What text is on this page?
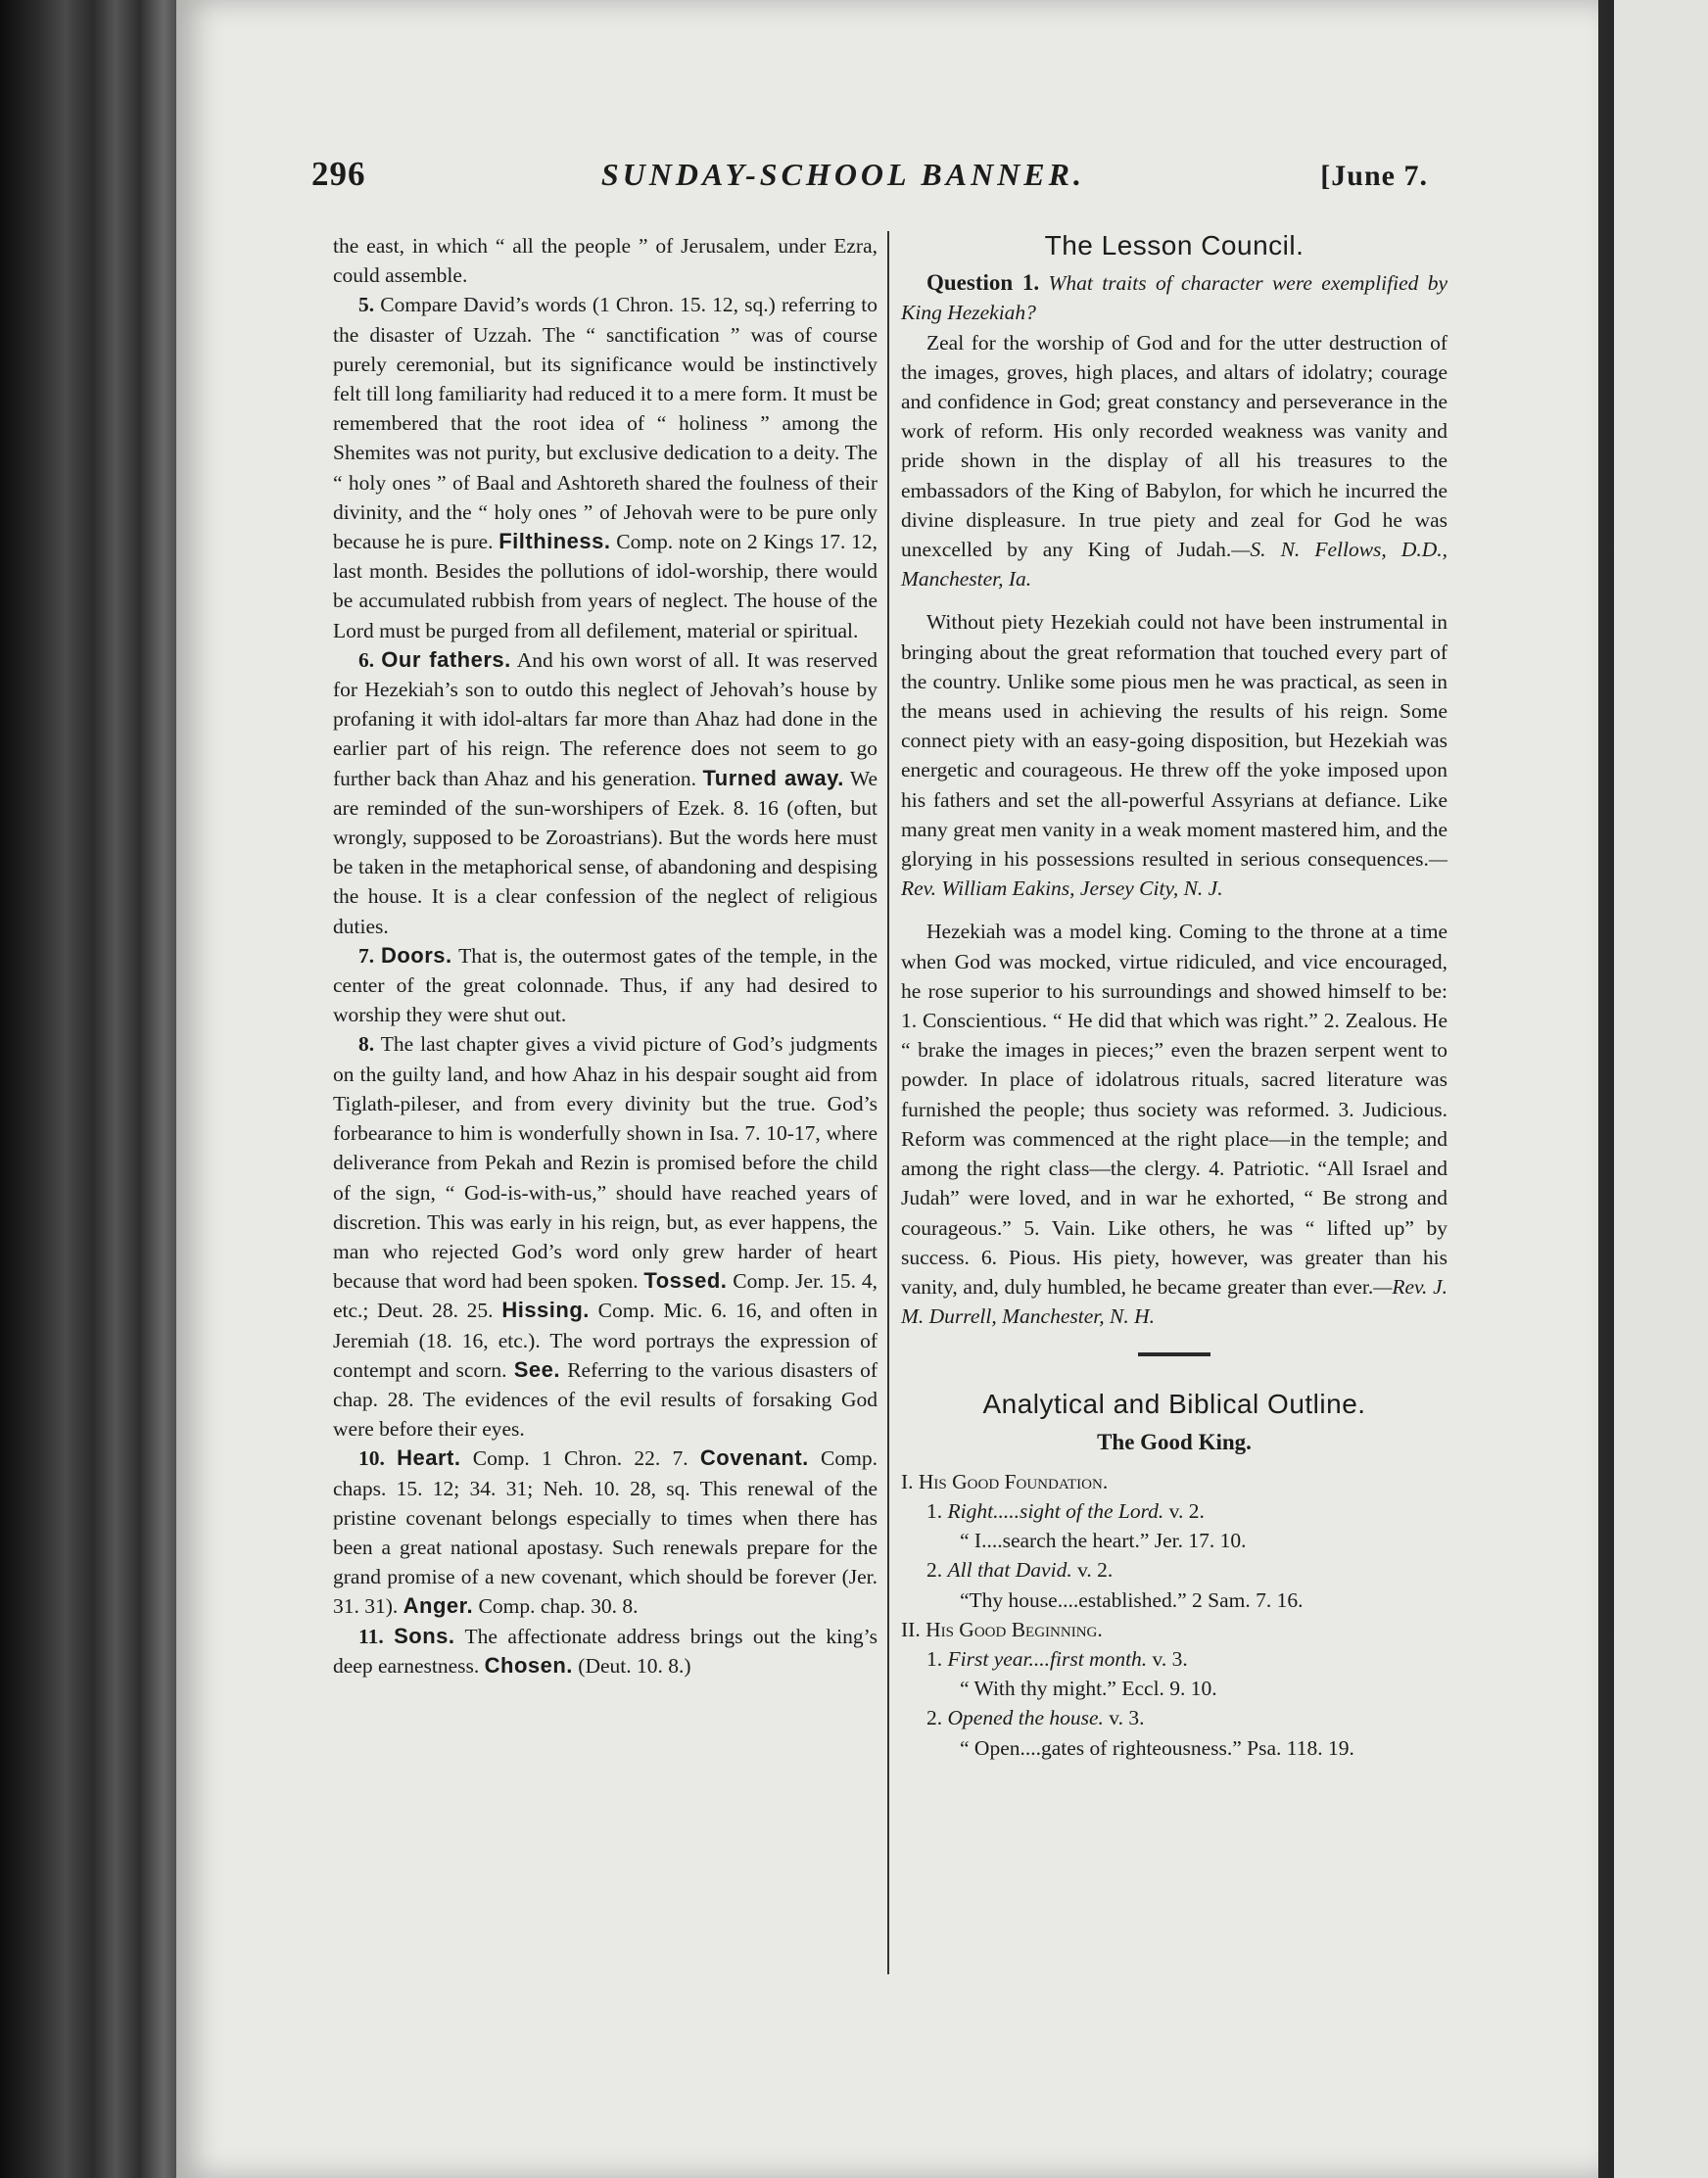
296	SUNDAY-SCHOOL BANNER.	[June 7.

the east, in which “ all the people ” of Jerusalem, under Ezra, could assemble.

5. Compare David’s words (1 Chron. 15. 12, sq.) referring to the disaster of Uzzah. The “ sanctification ” was of course purely ceremonial, but its significance would be instinctively felt till long familiarity had reduced it to a mere form. It must be remembered that the root idea of “ holiness ” among the Shemites was not purity, but exclusive dedication to a deity. The “ holy ones ” of Baal and Ashtoreth shared the foulness of their divinity, and the “ holy ones ” of Jehovah were to be pure only because he is pure. Filthiness. Comp. note on 2 Kings 17. 12, last month. Besides the pollutions of idol-worship, there would be accumulated rubbish from years of neglect. The house of the Lord must be purged from all defilement, material or spiritual.

6. Our fathers. And his own worst of all. It was reserved for Hezekiah’s son to outdo this neglect of Jehovah’s house by profaning it with idol-altars far more than Ahaz had done in the earlier part of his reign. The reference does not seem to go further back than Ahaz and his generation. Turned away. We are reminded of the sun-worshipers of Ezek. 8. 16 (often, but wrongly, supposed to be Zoroastrians). But the words here must be taken in the metaphorical sense, of abandoning and despising the house. It is a clear confession of the neglect of religious duties.

7. Doors. That is, the outermost gates of the temple, in the center of the great colonnade. Thus, if any had desired to worship they were shut out.

8. The last chapter gives a vivid picture of God’s judgments on the guilty land, and how Ahaz in his despair sought aid from Tiglath-pileser, and from every divinity but the true. God’s forbearance to him is wonderfully shown in Isa. 7. 10-17, where deliverance from Pekah and Rezin is promised before the child of the sign, “ God-is-with-us,” should have reached years of discretion. This was early in his reign, but, as ever happens, the man who rejected God’s word only grew harder of heart because that word had been spoken. Tossed. Comp. Jer. 15. 4, etc.; Deut. 28. 25. Hissing. Comp. Mic. 6. 16, and often in Jeremiah (18. 16, etc.). The word portrays the expression of contempt and scorn. See. Referring to the various disasters of chap. 28. The evidences of the evil results of forsaking God were before their eyes.

10. Heart. Comp. 1 Chron. 22. 7. Covenant. Comp. chaps. 15. 12; 34. 31; Neh. 10. 28, sq. This renewal of the pristine covenant belongs especially to times when there has been a great national apostasy. Such renewals prepare for the grand promise of a new covenant, which should be forever (Jer. 31. 31). Anger. Comp. chap. 30. 8.

11. Sons. The affectionate address brings out the king’s deep earnestness. Chosen. (Deut. 10. 8.)

The Lesson Council.

Question 1. What traits of character were exemplified by King Hezekiah?

Zeal for the worship of God and for the utter destruction of the images, groves, high places, and altars of idolatry; courage and confidence in God; great constancy and perseverance in the work of reform. His only recorded weakness was vanity and pride shown in the display of all his treasures to the embassadors of the King of Babylon, for which he incurred the divine displeasure. In true piety and zeal for God he was unexcelled by any King of Judah.—S. N. Fellows, D.D., Manchester, Ia.

Without piety Hezekiah could not have been instrumental in bringing about the great reformation that touched every part of the country. Unlike some pious men he was practical, as seen in the means used in achieving the results of his reign. Some connect piety with an easy-going disposition, but Hezekiah was energetic and courageous. He threw off the yoke imposed upon his fathers and set the all-powerful Assyrians at defiance. Like many great men vanity in a weak moment mastered him, and the glorying in his possessions resulted in serious consequences.—Rev. William Eakins, Jersey City, N. J.

Hezekiah was a model king. Coming to the throne at a time when God was mocked, virtue ridiculed, and vice encouraged, he rose superior to his surroundings and showed himself to be: 1. Conscientious. “ He did that which was right.” 2. Zealous. He “ brake the images in pieces;” even the brazen serpent went to powder. In place of idolatrous rituals, sacred literature was furnished the people; thus society was reformed. 3. Judicious. Reform was commenced at the right place—in the temple; and among the right class—the clergy. 4. Patriotic. “All Israel and Judah” were loved, and in war he exhorted, “ Be strong and courageous.” 5. Vain. Like others, he was “ lifted up” by success. 6. Pious. His piety, however, was greater than his vanity, and, duly humbled, he became greater than ever.—Rev. J. M. Durrell, Manchester, N. H.

Analytical and Biblical Outline.
The Good King.

I. His Good Foundation.

1. Right.....sight of the Lord. v. 2.

“ I....search the heart.” Jer. 17. 10.

2. All that David. v. 2.

“Thy house....established.” 2 Sam. 7. 16.

II. His Good Beginning.

1. First year....first month. v. 3.

“ With thy might.” Eccl. 9. 10.

2. Opened the house. v. 3.

“ Open....gates of righteousness.” Psa. 118. 19.
